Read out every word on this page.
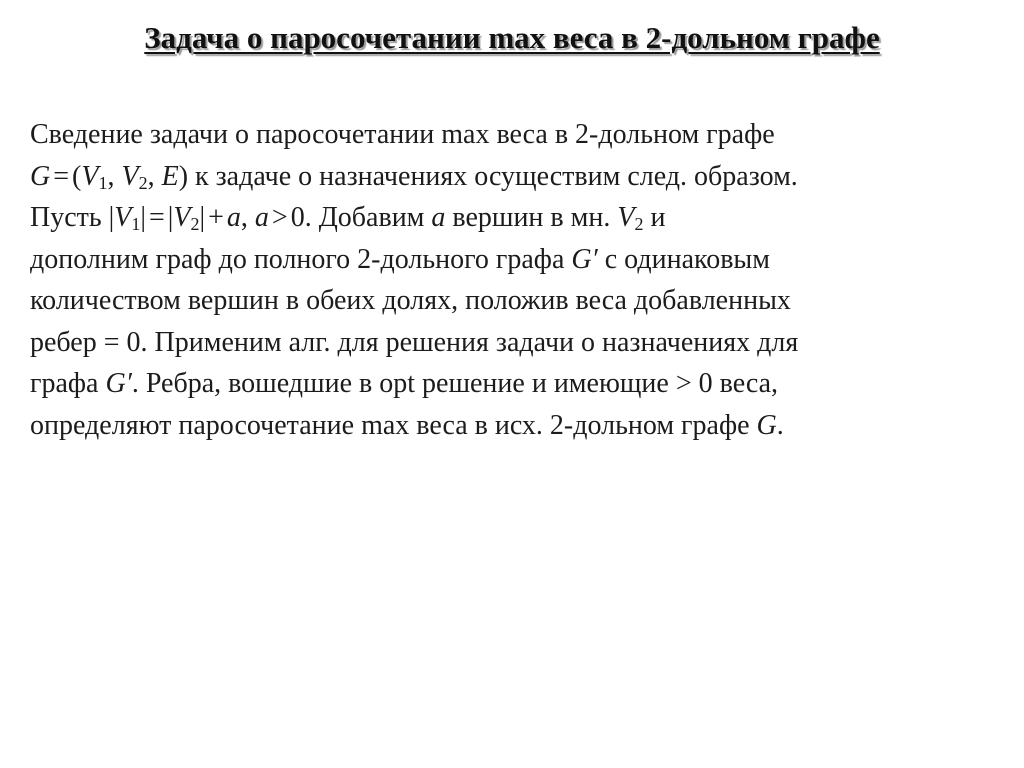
Задача о паросочетании max веса в 2-дольном графе
Сведение задачи о паросочетании max веса в 2-дольном графе
$G = (V_1$, $V_2$, E) к задаче о назначениях осуществим след. образом.
Пусть $|V_1| = |V_2| + a$, a > 0. Добавим a вершин в мн. $V_2$ и
дополним граф до полного 2-дольного графа G′ с одинаковым
количеством вершин в обеих долях, положив веса добавленных
ребер = 0. Применим алг. для решения задачи о назначениях для
графа G′. Ребра, вошедшие в opt решение и имеющие > 0 веса,
определяют паросочетание max веса в исх. 2-дольном графе G.
